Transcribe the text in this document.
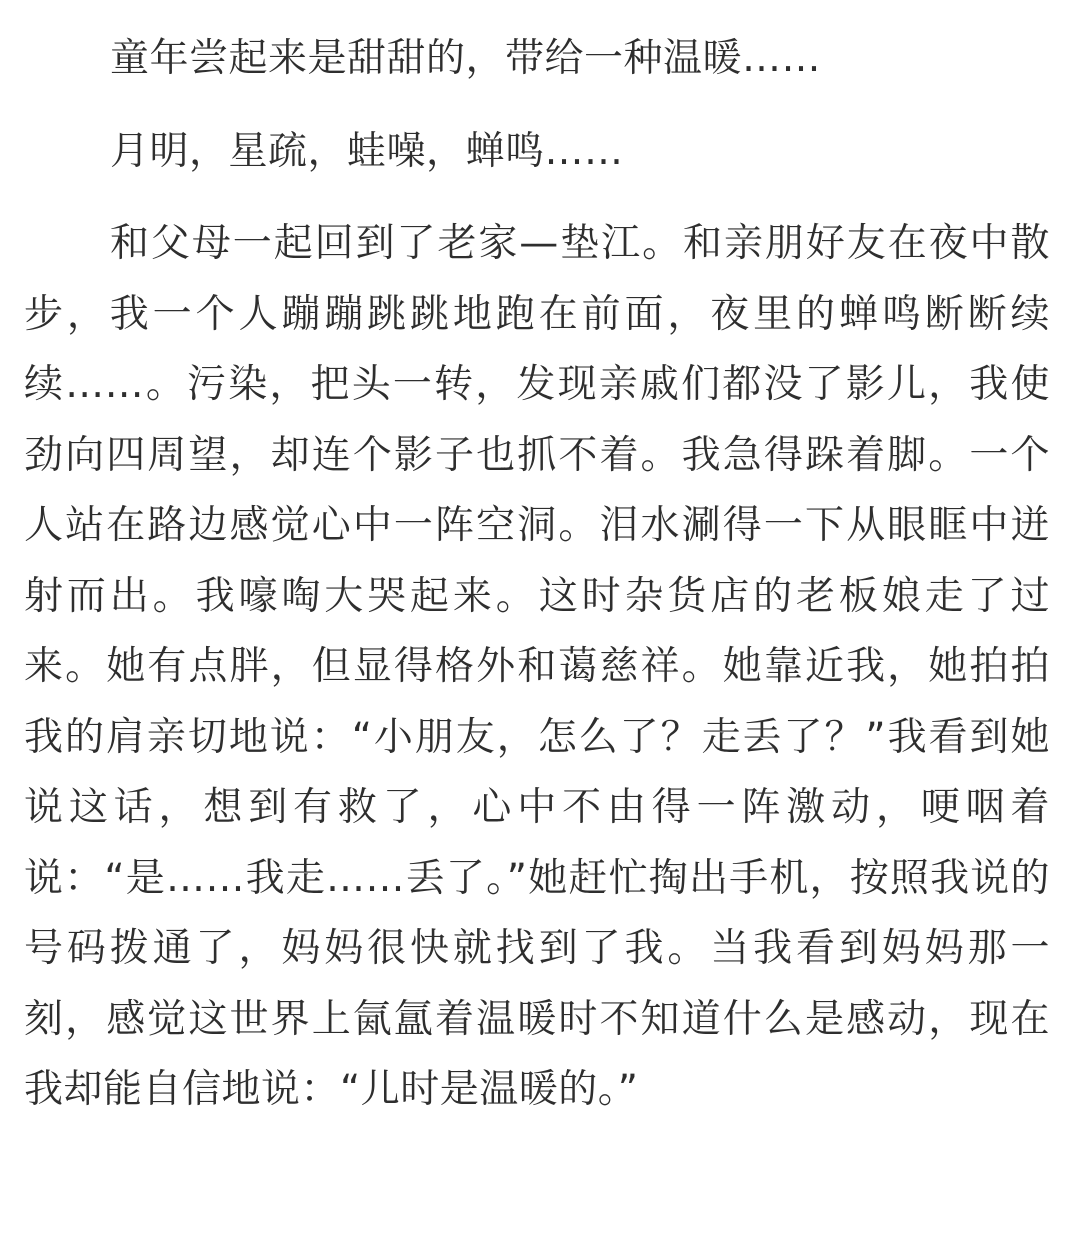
童年尝起来是甜甜的，带给一种温暖……

月明，星疏，蛙噪，蝉鸣……

和父母一起回到了老家—垫江。和亲朋好友在夜中散步，我一个人蹦蹦跳跳地跑在前面，夜里的蝉鸣断断续续……。污染，把头一转，发现亲戚们都没了影儿，我使劲向四周望，却连个影子也抓不着。我急得跺着脚。一个人站在路边感觉心中一阵空洞。泪水涮得一下从眼眶中迸射而出。我嚎啕大哭起来。这时杂货店的老板娘走了过来。她有点胖，但显得格外和蔼慈祥。她靠近我，她拍拍我的肩亲切地说：“小朋友，怎么了？走丢了？”我看到她说这话，想到有救了，心中不由得一阵激动，哽咽着说：“是……我走……丢了。”她赶忙掏出手机，按照我说的号码拨通了，妈妈很快就找到了我。当我看到妈妈那一刻，感觉这世界上氤氲着温暖时不知道什么是感动，现在我却能自信地说：“儿时是温暖的。”
